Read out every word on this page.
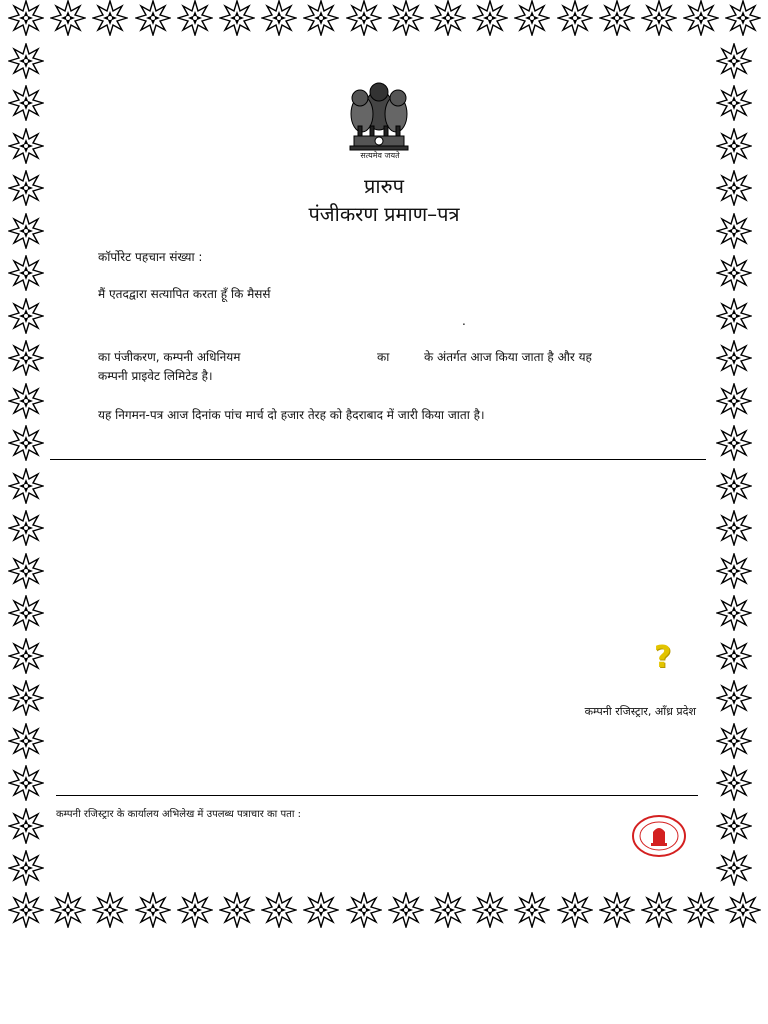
सत्यमेव जयते
प्रारुप
पंजीकरण प्रमाण–पत्र
कॉर्पोरेट पहचान संख्या :
मैं एतदद्वारा सत्यापित करता हूँ कि मैसर्स
.
का पंजीकरण, कम्पनी अधिनियम	का	के अंतर्गत आज किया जाता है और यह
कम्पनी प्राइवेट लिमिटेड है।
यह निगमन-पत्र आज दिनांक पांच मार्च दो हजार तेरह को हैदराबाद में जारी किया जाता है।
?
कम्पनी रजिस्ट्रार, आँध्र प्रदेश
कम्पनी रजिस्ट्रार के कार्यालय अभिलेख में उपलब्ध पत्राचार का पता :
